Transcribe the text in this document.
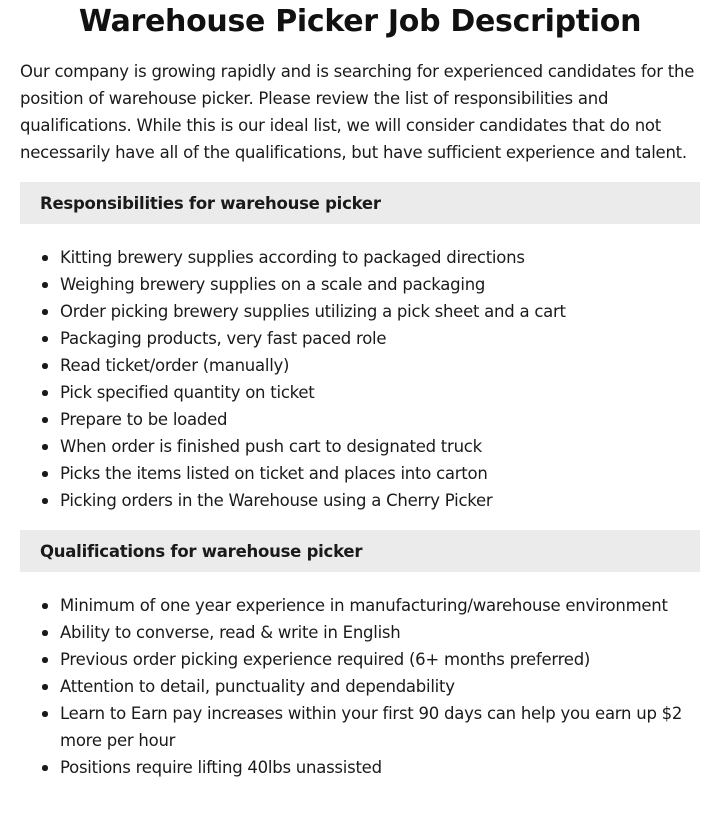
Warehouse Picker Job Description

Our company is growing rapidly and is searching for experienced candidates for the position of warehouse picker. Please review the list of responsibilities and qualifications. While this is our ideal list, we will consider candidates that do not necessarily have all of the qualifications, but have sufficient experience and talent.

Responsibilities for warehouse picker
Kitting brewery supplies according to packaged directions
Weighing brewery supplies on a scale and packaging
Order picking brewery supplies utilizing a pick sheet and a cart
Packaging products, very fast paced role
Read ticket/order (manually)
Pick specified quantity on ticket
Prepare to be loaded
When order is finished push cart to designated truck
Picks the items listed on ticket and places into carton
Picking orders in the Warehouse using a Cherry Picker
Qualifications for warehouse picker
Minimum of one year experience in manufacturing/warehouse environment
Ability to converse, read & write in English
Previous order picking experience required (6+ months preferred)
Attention to detail, punctuality and dependability
Learn to Earn pay increases within your first 90 days can help you earn up $2 more per hour
Positions require lifting 40lbs unassisted
